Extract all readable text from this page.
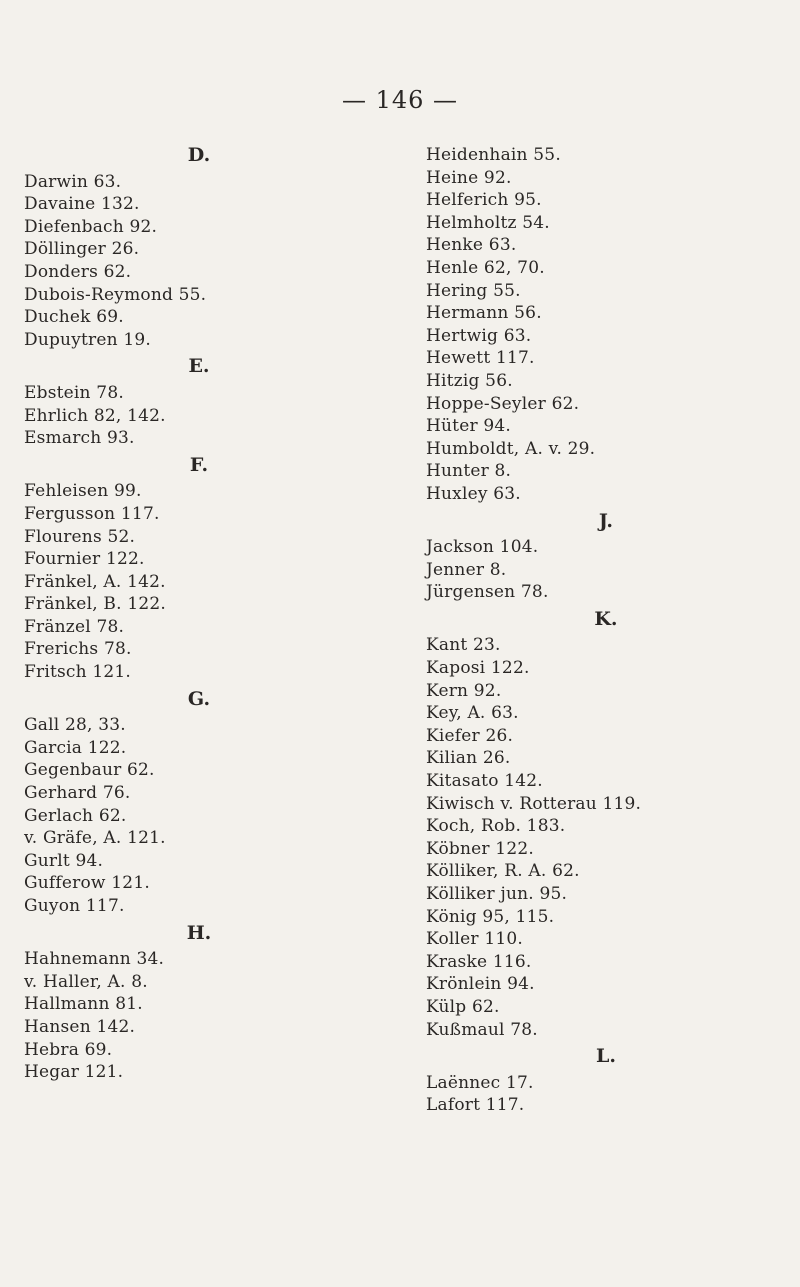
— 146 —
D.
Darwin 63.
Davaine 132.
Diefenbach 92.
Döllinger 26.
Donders 62.
Dubois-Reymond 55.
Duchek 69.
Dupuytren 19.
E.
Ebstein 78.
Ehrlich 82, 142.
Esmarch 93.
F.
Fehleisen 99.
Fergusson 117.
Flourens 52.
Fournier 122.
Fränkel, A. 142.
Fränkel, B. 122.
Fränzel 78.
Frerichs 78.
Fritsch 121.
G.
Gall 28, 33.
Garcia 122.
Gegenbaur 62.
Gerhard 76.
Gerlach 62.
v. Gräfe, A. 121.
Gurlt 94.
Gufferow 121.
Guyon 117.
H.
Hahnemann 34.
v. Haller, A. 8.
Hallmann 81.
Hansen 142.
Hebra 69.
Hegar 121.
Heidenhain 55.
Heine 92.
Helferich 95.
Helmholtz 54.
Henke 63.
Henle 62, 70.
Hering 55.
Hermann 56.
Hertwig 63.
Hewett 117.
Hitzig 56.
Hoppe-Seyler 62.
Hüter 94.
Humboldt, A. v. 29.
Hunter 8.
Huxley 63.
J.
Jackson 104.
Jenner 8.
Jürgensen 78.
K.
Kant 23.
Kaposi 122.
Kern 92.
Key, A. 63.
Kiefer 26.
Kilian 26.
Kitasato 142.
Kiwisch v. Rotterau 119.
Koch, Rob. 183.
Köbner 122.
Kölliker, R. A. 62.
Kölliker jun. 95.
König 95, 115.
Koller 110.
Kraske 116.
Krönlein 94.
Külp 62.
Kußmaul 78.
L.
Laënnec 17.
Lafort 117.
